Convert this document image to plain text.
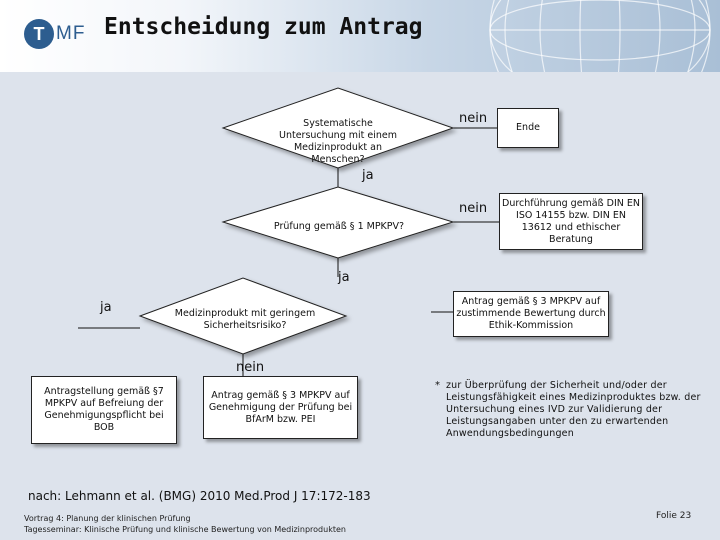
T MF Entscheidung zum Antrag
Systematische Untersuchung mit einem Medizinprodukt an Menschen?
Prüfung gemäß § 1 MPKPV?
Medizinprodukt mit geringem Sicherheitsrisiko?
nein
nein
nein
ja
ja
ja
Ende
Durchführung gemäß DIN EN ISO 14155 bzw. DIN EN 13612 und ethischer Beratung
Antrag gemäß § 3 MPKPV auf zustimmende Bewertung durch Ethik-Kommission
Antragstellung gemäß §7 MPKPV auf Befreiung der Genehmigungspflicht bei BOB
Antrag gemäß § 3 MPKPV auf Genehmigung der Prüfung bei BfArM bzw. PEI
* zur Überprüfung der Sicherheit und/oder der Leistungsfähigkeit eines Medizinproduktes bzw. der Untersuchung eines IVD zur Validierung der Leistungsangaben unter den zu erwartenden Anwendungsbedingungen
nach: Lehmann et al. (BMG) 2010 Med.Prod J 17:172-183
Vortrag 4: Planung der klinischen Prüfung
Tagesseminar: Klinische Prüfung und klinische Bewertung von Medizinprodukten
Folie 23
